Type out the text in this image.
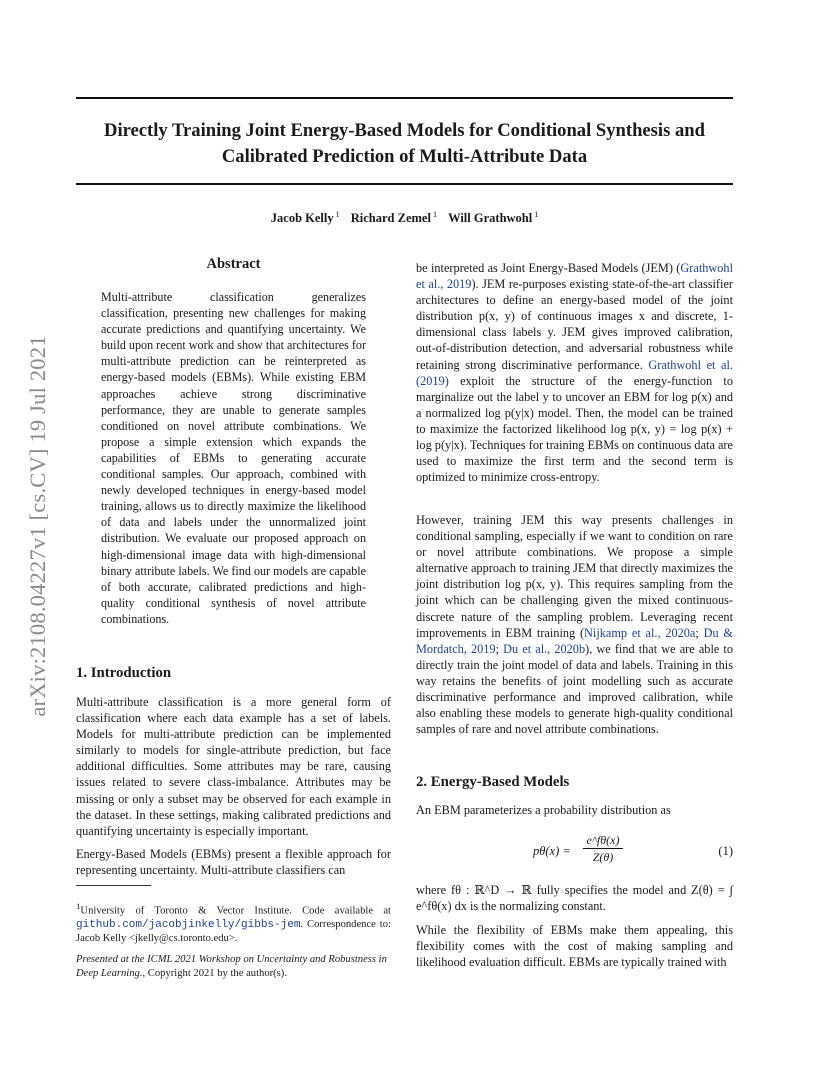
Directly Training Joint Energy-Based Models for Conditional Synthesis and
Calibrated Prediction of Multi-Attribute Data
Jacob Kelly $^1$ Richard Zemel $^1$ Will Grathwohl $^1$
arXiv:2108.04227v1 [cs.CV] 19 Jul 2021
Abstract

Multi-attribute classification generalizes classification, presenting new challenges for making accurate predictions and quantifying uncertainty. We build upon recent work and show that architectures for multi-attribute prediction can be reinterpreted as energy-based models (EBMs). While existing EBM approaches achieve strong discriminative performance, they are unable to generate samples conditioned on novel attribute combinations. We propose a simple extension which expands the capabilities of EBMs to generating accurate conditional samples. Our approach, combined with newly developed techniques in energy-based model training, allows us to directly maximize the likelihood of data and labels under the unnormalized joint distribution. We evaluate our proposed approach on high-dimensional image data with high-dimensional binary attribute labels. We find our models are capable of both accurate, calibrated predictions and high-quality conditional synthesis of novel attribute combinations.

1. Introduction

Multi-attribute classification is a more general form of classification where each data example has a set of labels. Models for multi-attribute prediction can be implemented similarly to models for single-attribute prediction, but face additional difficulties. Some attributes may be rare, causing issues related to severe class-imbalance. Attributes may be missing or only a subset may be observed for each example in the dataset. In these settings, making calibrated predictions and quantifying uncertainty is especially important.

Energy-Based Models (EBMs) present a flexible approach for representing uncertainty. Multi-attribute classifiers can

$^1$University of Toronto & Vector Institute. Code available at github.com/jacobjinkelly/gibbs-jem. Correspondence to: Jacob Kelly <jkelly@cs.toronto.edu>.

Presented at the ICML 2021 Workshop on Uncertainty and Robustness in Deep Learning., Copyright 2021 by the author(s).

be interpreted as Joint Energy-Based Models (JEM) (Grathwohl et al., 2019). JEM re-purposes existing state-of-the-art classifier architectures to define an energy-based model of the joint distribution p(x, y) of continuous images x and discrete, 1-dimensional class labels y. JEM gives improved calibration, out-of-distribution detection, and adversarial robustness while retaining strong discriminative performance. Grathwohl et al. (2019) exploit the structure of the energy-function to marginalize out the label y to uncover an EBM for log p(x) and a normalized log p(y|x) model. Then, the model can be trained to maximize the factorized likelihood log p(x, y) = log p(x) + log p(y|x). Techniques for training EBMs on continuous data are used to maximize the first term and the second term is optimized to minimize cross-entropy.

However, training JEM this way presents challenges in conditional sampling, especially if we want to condition on rare or novel attribute combinations. We propose a simple alternative approach to training JEM that directly maximizes the joint distribution log p(x, y). This requires sampling from the joint which can be challenging given the mixed continuous-discrete nature of the sampling problem. Leveraging recent improvements in EBM training (Nijkamp et al., 2020a; Du & Mordatch, 2019; Du et al., 2020b), we find that we are able to directly train the joint model of data and labels. Training in this way retains the benefits of joint modelling such as accurate discriminative performance and improved calibration, while also enabling these models to generate high-quality conditional samples of rare and novel attribute combinations.

2. Energy-Based Models

An EBM parameterizes a probability distribution as

$p\theta(x) = \frac{e\^{}f\theta(x)}{Z(\theta)}$	(1)

where fθ : ℝ^D → ℝ fully specifies the model and Z(θ) = ∫ e^fθ(x) dx is the normalizing constant.

While the flexibility of EBMs make them appealing, this flexibility comes with the cost of making sampling and likelihood evaluation difficult. EBMs are typically trained with
